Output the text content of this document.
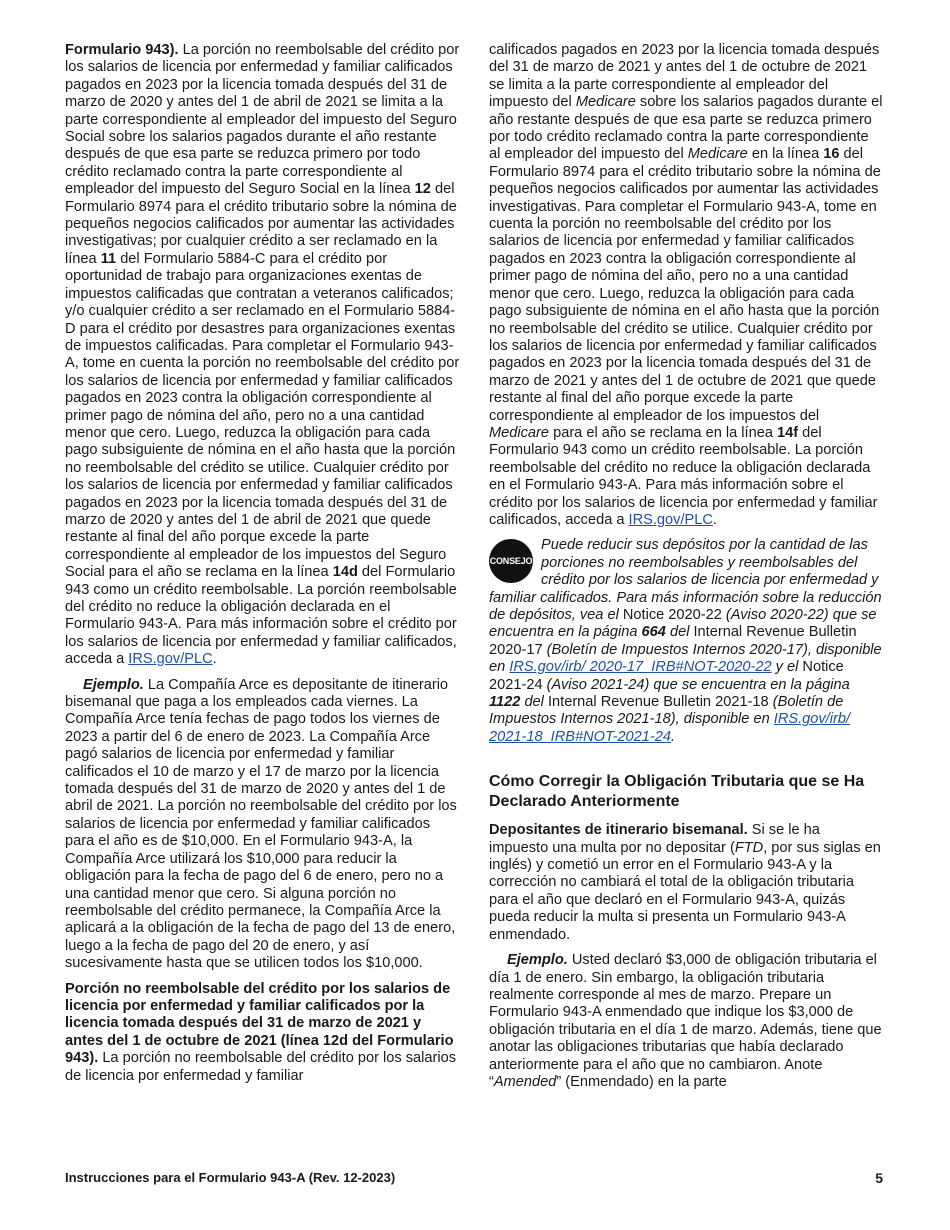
Formulario 943). La porción no reembolsable del crédito por los salarios de licencia por enfermedad y familiar calificados pagados en 2023 por la licencia tomada después del 31 de marzo de 2020 y antes del 1 de abril de 2021 se limita a la parte correspondiente al empleador del impuesto del Seguro Social sobre los salarios pagados durante el año restante después de que esa parte se reduzca primero por todo crédito reclamado contra la parte correspondiente al empleador del impuesto del Seguro Social en la línea 12 del Formulario 8974 para el crédito tributario sobre la nómina de pequeños negocios calificados por aumentar las actividades investigativas; por cualquier crédito a ser reclamado en la línea 11 del Formulario 5884-C para el crédito por oportunidad de trabajo para organizaciones exentas de impuestos calificadas que contratan a veteranos calificados; y/o cualquier crédito a ser reclamado en el Formulario 5884-D para el crédito por desastres para organizaciones exentas de impuestos calificadas. Para completar el Formulario 943-A, tome en cuenta la porción no reembolsable del crédito por los salarios de licencia por enfermedad y familiar calificados pagados en 2023 contra la obligación correspondiente al primer pago de nómina del año, pero no a una cantidad menor que cero. Luego, reduzca la obligación para cada pago subsiguiente de nómina en el año hasta que la porción no reembolsable del crédito se utilice. Cualquier crédito por los salarios de licencia por enfermedad y familiar calificados pagados en 2023 por la licencia tomada después del 31 de marzo de 2020 y antes del 1 de abril de 2021 que quede restante al final del año porque excede la parte correspondiente al empleador de los impuestos del Seguro Social para el año se reclama en la línea 14d del Formulario 943 como un crédito reembolsable. La porción reembolsable del crédito no reduce la obligación declarada en el Formulario 943-A. Para más información sobre el crédito por los salarios de licencia por enfermedad y familiar calificados, acceda a IRS.gov/PLC.

Ejemplo. La Compañía Arce es depositante de itinerario bisemanal que paga a los empleados cada viernes. La Compañía Arce tenía fechas de pago todos los viernes de 2023 a partir del 6 de enero de 2023. La Compañía Arce pagó salarios de licencia por enfermedad y familiar calificados el 10 de marzo y el 17 de marzo por la licencia tomada después del 31 de marzo de 2020 y antes del 1 de abril de 2021. La porción no reembolsable del crédito por los salarios de licencia por enfermedad y familiar calificados para el año es de $10,000. En el Formulario 943-A, la Compañía Arce utilizará los $10,000 para reducir la obligación para la fecha de pago del 6 de enero, pero no a una cantidad menor que cero. Si alguna porción no reembolsable del crédito permanece, la Compañía Arce la aplicará a la obligación de la fecha de pago del 13 de enero, luego a la fecha de pago del 20 de enero, y así sucesivamente hasta que se utilicen todos los $10,000.

Porción no reembolsable del crédito por los salarios de licencia por enfermedad y familiar calificados por la licencia tomada después del 31 de marzo de 2021 y antes del 1 de octubre de 2021 (línea 12d del Formulario 943). La porción no reembolsable del crédito por los salarios de licencia por enfermedad y familiar

calificados pagados en 2023 por la licencia tomada después del 31 de marzo de 2021 y antes del 1 de octubre de 2021 se limita a la parte correspondiente al empleador del impuesto del Medicare sobre los salarios pagados durante el año restante después de que esa parte se reduzca primero por todo crédito reclamado contra la parte correspondiente al empleador del impuesto del Medicare en la línea 16 del Formulario 8974 para el crédito tributario sobre la nómina de pequeños negocios calificados por aumentar las actividades investigativas. Para completar el Formulario 943-A, tome en cuenta la porción no reembolsable del crédito por los salarios de licencia por enfermedad y familiar calificados pagados en 2023 contra la obligación correspondiente al primer pago de nómina del año, pero no a una cantidad menor que cero. Luego, reduzca la obligación para cada pago subsiguiente de nómina en el año hasta que la porción no reembolsable del crédito se utilice. Cualquier crédito por los salarios de licencia por enfermedad y familiar calificados pagados en 2023 por la licencia tomada después del 31 de marzo de 2021 y antes del 1 de octubre de 2021 que quede restante al final del año porque excede la parte correspondiente al empleador de los impuestos del Medicare para el año se reclama en la línea 14f del Formulario 943 como un crédito reembolsable. La porción reembolsable del crédito no reduce la obligación declarada en el Formulario 943-A. Para más información sobre el crédito por los salarios de licencia por enfermedad y familiar calificados, acceda a IRS.gov/PLC.

CONSEJO
Puede reducir sus depósitos por la cantidad de las porciones no reembolsables y reembolsables del crédito por los salarios de licencia por enfermedad y familiar calificados. Para más información sobre la reducción de depósitos, vea el Notice 2020-22 (Aviso 2020-22) que se encuentra en la página 664 del Internal Revenue Bulletin 2020-17 (Boletín de Impuestos Internos 2020-17), disponible en IRS.gov/irb/ 2020-17_IRB#NOT-2020-22 y el Notice 2021-24 (Aviso 2021-24) que se encuentra en la página 1122 del Internal Revenue Bulletin 2021-18 (Boletín de Impuestos Internos 2021-18), disponible en IRS.gov/irb/ 2021-18_IRB#NOT-2021-24.
Cómo Corregir la Obligación Tributaria que se Ha Declarado Anteriormente

Depositantes de itinerario bisemanal. Si se le ha impuesto una multa por no depositar (FTD, por sus siglas en inglés) y cometió un error en el Formulario 943-A y la corrección no cambiará el total de la obligación tributaria para el año que declaró en el Formulario 943-A, quizás pueda reducir la multa si presenta un Formulario 943-A enmendado.

Ejemplo. Usted declaró $3,000 de obligación tributaria el día 1 de enero. Sin embargo, la obligación tributaria realmente corresponde al mes de marzo. Prepare un Formulario 943-A enmendado que indique los $3,000 de obligación tributaria en el día 1 de marzo. Además, tiene que anotar las obligaciones tributarias que había declarado anteriormente para el año que no cambiaron. Anote “Amended” (Enmendado) en la parte

Instrucciones para el Formulario 943-A (Rev. 12-2023)	5
